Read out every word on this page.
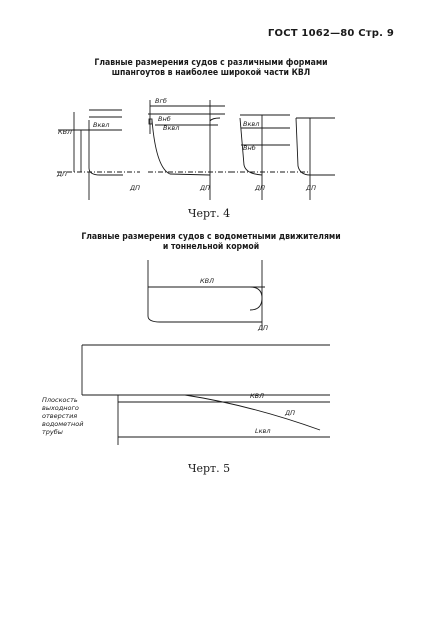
ГОСТ 1062—80 Стр. 9
Главные размерения судов с различными формами
шпангоутов в наиболее широкой части КВЛ
КВЛ
ДП
Вквл
Вгб
Внб
Вквл	Вквл
Внб
ДП
ДП	ДП	ДП
КВЛ
ДП
КВЛ
ДП
Lквл
Плоскость
выходного
отверстия
водометной
трубы
Черт. 4
Главные размерения судов с водометными движителями
и тоннельной кормой
Черт. 5
